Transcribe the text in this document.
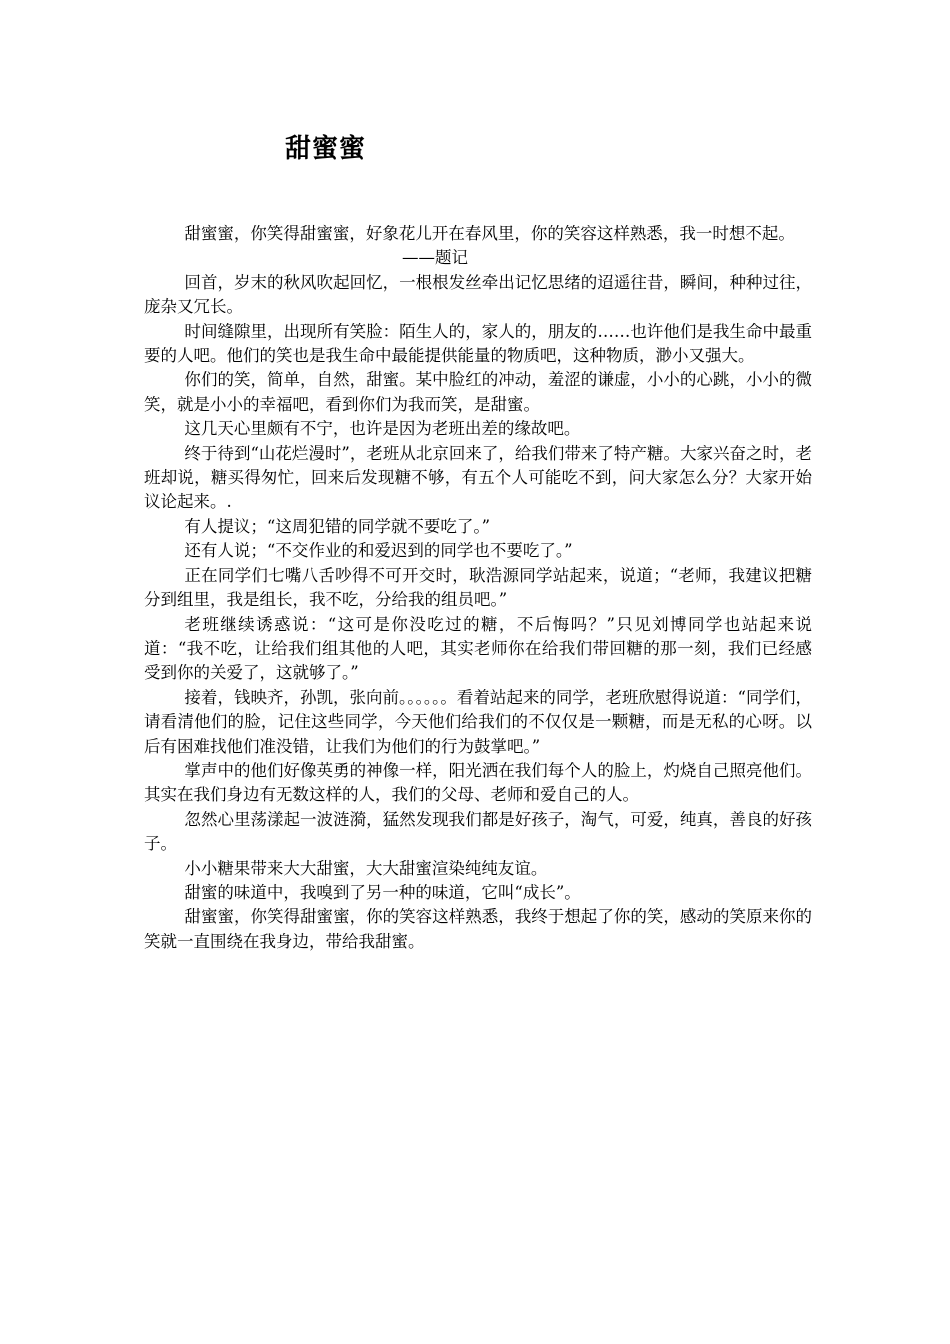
甜蜜蜜

甜蜜蜜，你笑得甜蜜蜜，好象花儿开在春风里，你的笑容这样熟悉，我一时想不起。

——题记

回首，岁末的秋风吹起回忆，一根根发丝牵出记忆思绪的迢遥往昔，瞬间，种种过往，庞杂又冗长。

时间缝隙里，出现所有笑脸：陌生人的，家人的，朋友的……也许他们是我生命中最重要的人吧。他们的笑也是我生命中最能提供能量的物质吧，这种物质，渺小又强大。

你们的笑，简单，自然，甜蜜。某中脸红的冲动，羞涩的谦虚，小小的心跳，小小的微笑，就是小小的幸福吧，看到你们为我而笑，是甜蜜。

这几天心里颇有不宁，也许是因为老班出差的缘故吧。

终于待到“山花烂漫时”，老班从北京回来了，给我们带来了特产糖。大家兴奋之时，老班却说，糖买得匆忙，回来后发现糖不够，有五个人可能吃不到，问大家怎么分？大家开始议论起来。.

有人提议；“这周犯错的同学就不要吃了。”

还有人说；“不交作业的和爱迟到的同学也不要吃了。”

正在同学们七嘴八舌吵得不可开交时，耿浩源同学站起来，说道；“老师，我建议把糖分到组里，我是组长，我不吃，分给我的组员吧。”

老班继续诱惑说：“这可是你没吃过的糖，不后悔吗？”只见刘博同学也站起来说道：“我不吃，让给我们组其他的人吧，其实老师你在给我们带回糖的那一刻，我们已经感受到你的关爱了，这就够了。”

接着，钱映齐，孙凯，张向前。。。。。。看着站起来的同学，老班欣慰得说道：“同学们，请看清他们的脸，记住这些同学，今天他们给我们的不仅仅是一颗糖，而是无私的心呀。以后有困难找他们准没错，让我们为他们的行为鼓掌吧。”

掌声中的他们好像英勇的神像一样，阳光洒在我们每个人的脸上，灼烧自己照亮他们。其实在我们身边有无数这样的人，我们的父母、老师和爱自己的人。

忽然心里荡漾起一波涟漪，猛然发现我们都是好孩子，淘气，可爱，纯真，善良的好孩子。

小小糖果带来大大甜蜜，大大甜蜜渲染纯纯友谊。

甜蜜的味道中，我嗅到了另一种的味道，它叫“成长”。

甜蜜蜜，你笑得甜蜜蜜，你的笑容这样熟悉，我终于想起了你的笑，感动的笑原来你的笑就一直围绕在我身边，带给我甜蜜。
